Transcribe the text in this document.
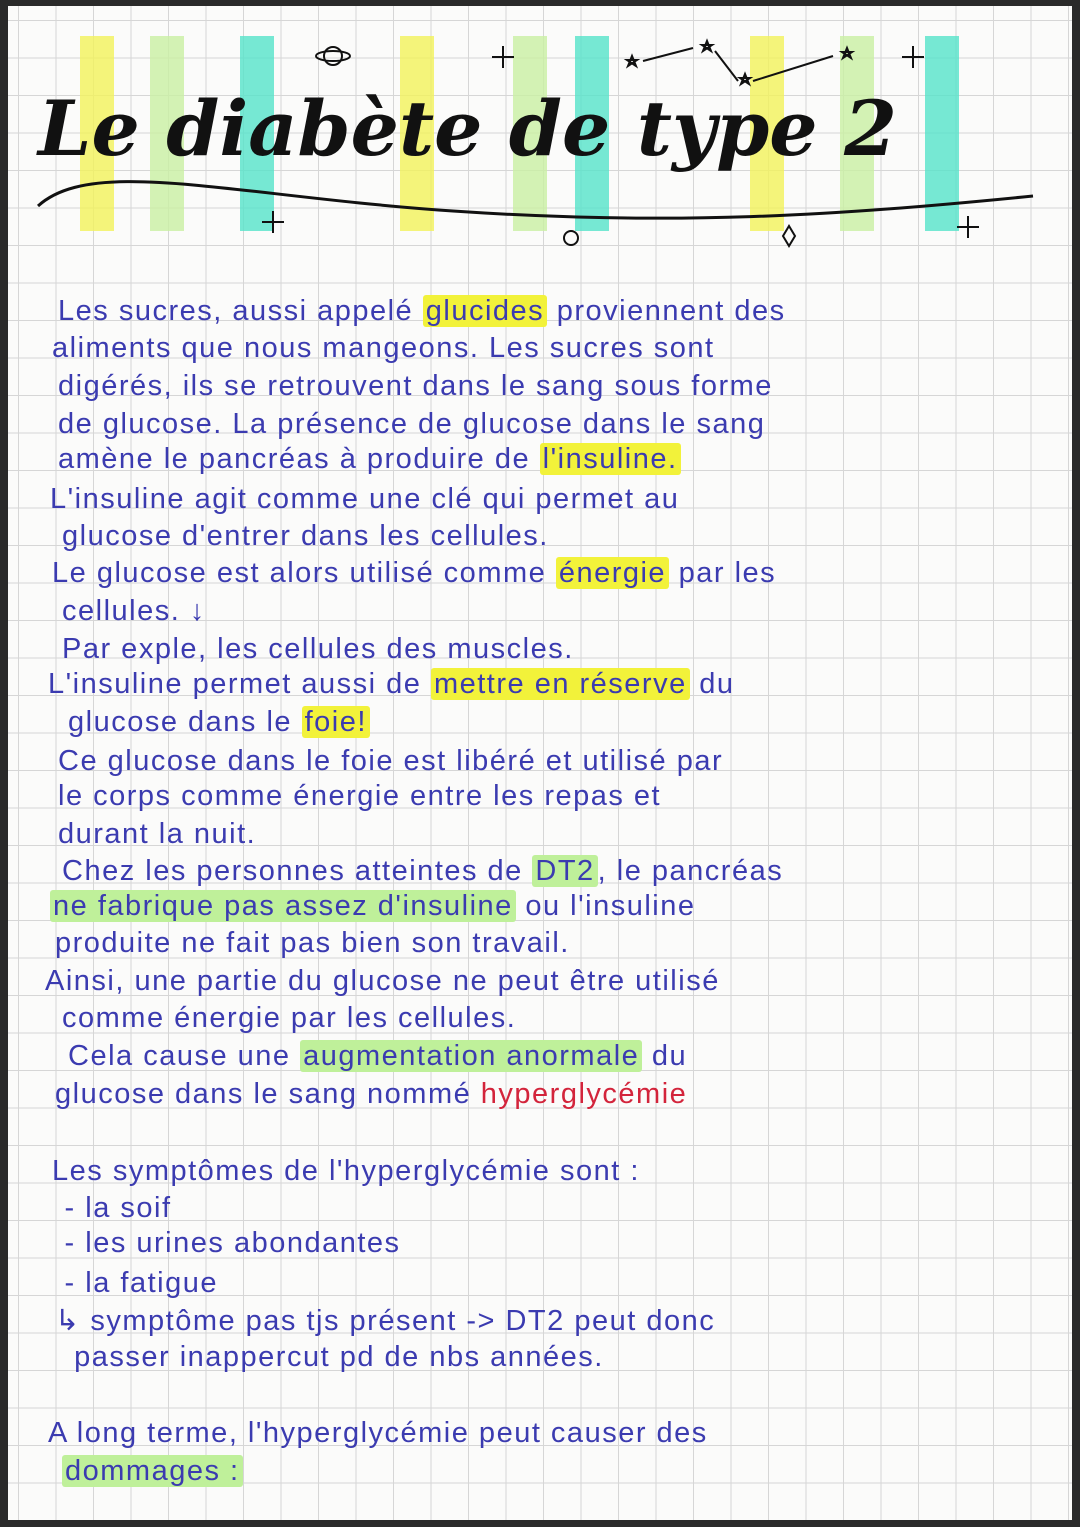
Le diabète de type 2
Les sucres, aussi appelé glucides proviennent des
aliments que nous mangeons. Les sucres sont
digérés, ils se retrouvent dans le sang sous forme
de glucose. La présence de glucose dans le sang
amène le pancréas à produire de l'insuline.
L'insuline agit comme une clé qui permet au
glucose d'entrer dans les cellules.
Le glucose est alors utilisé comme énergie par les
cellules. ↓
Par exple, les cellules des muscles.
L'insuline permet aussi de mettre en réserve du
glucose dans le foie!
Ce glucose dans le foie est libéré et utilisé par
le corps comme énergie entre les repas et
durant la nuit.
Chez les personnes atteintes de DT2 , le pancréas
ne fabrique pas assez d'insuline ou l'insuline
produite ne fait pas bien son travail.
Ainsi, une partie du glucose ne peut être utilisé
comme énergie par les cellules.
Cela cause une augmentation anormale du
glucose dans le sang nommé hyperglycémie
Les symptômes de l'hyperglycémie sont :
- la soif
- les urines abondantes
- la fatigue
↳ symptôme pas tjs présent -> DT2 peut donc
passer inappercut pd de nbs années.
A long terme, l'hyperglycémie peut causer des
dommages :
